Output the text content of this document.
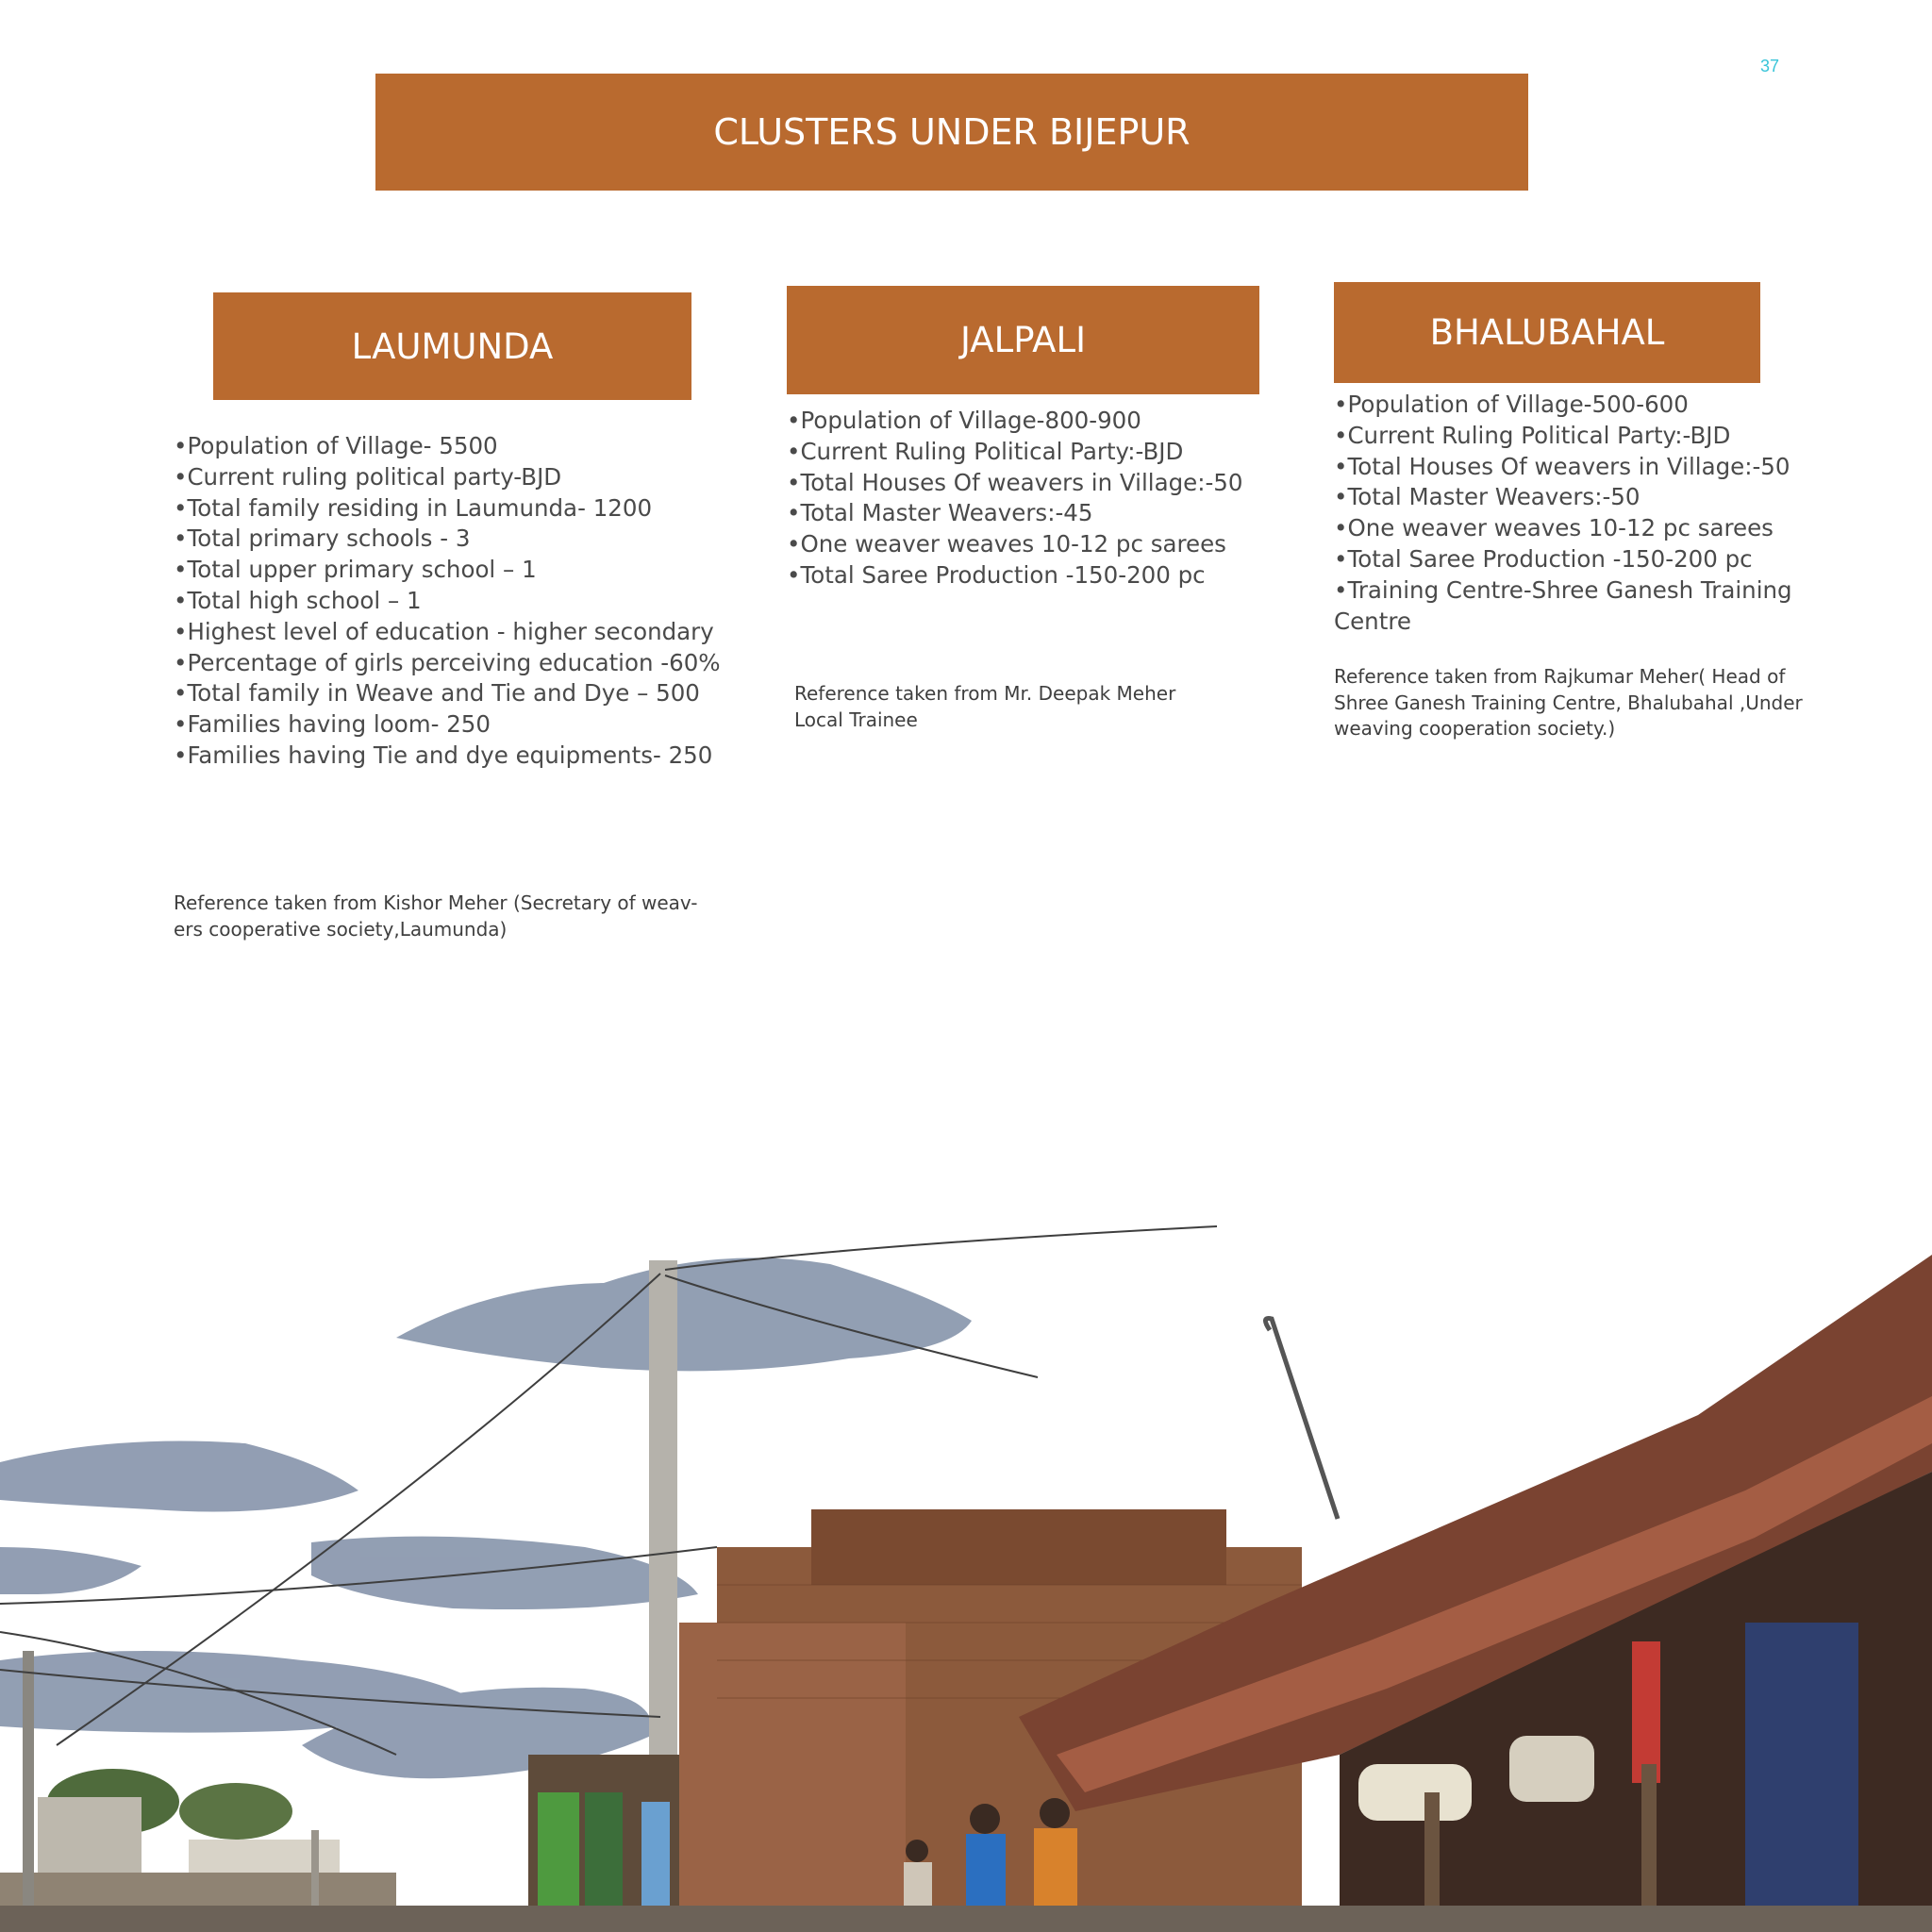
37
CLUSTERS UNDER BIJEPUR
LAUMUNDA
• Population of Village- 5500
• Current ruling political party-BJD
• Total family residing in Laumunda- 1200
• Total primary schools - 3
• Total upper primary school – 1
• Total high school – 1
• Highest level of education - higher secondary
• Percentage of girls perceiving education -60%
• Total family in Weave and Tie and Dye – 500
• Families having loom- 250
• Families having Tie and dye equipments- 250
Reference taken from Kishor Meher (Secretary of weav-
ers cooperative society,Laumunda)
JALPALI
• Population of Village-800-900
• Current Ruling Political Party:-BJD
• Total Houses Of weavers in Village:-50
• Total Master Weavers:-45
• One weaver weaves 10-12 pc sarees
• Total Saree Production -150-200 pc
Reference taken from Mr. Deepak Meher
Local Trainee
BHALUBAHAL
• Population of Village-500-600
• Current Ruling Political Party:-BJD
• Total Houses Of weavers in Village:-50
• Total Master Weavers:-50
• One weaver weaves 10-12 pc sarees
• Total Saree Production -150-200 pc
• Training Centre-Shree Ganesh Training Centre
Reference taken from Rajkumar Meher( Head of
Shree Ganesh Training Centre, Bhalubahal ,Under
weaving cooperation society.)
